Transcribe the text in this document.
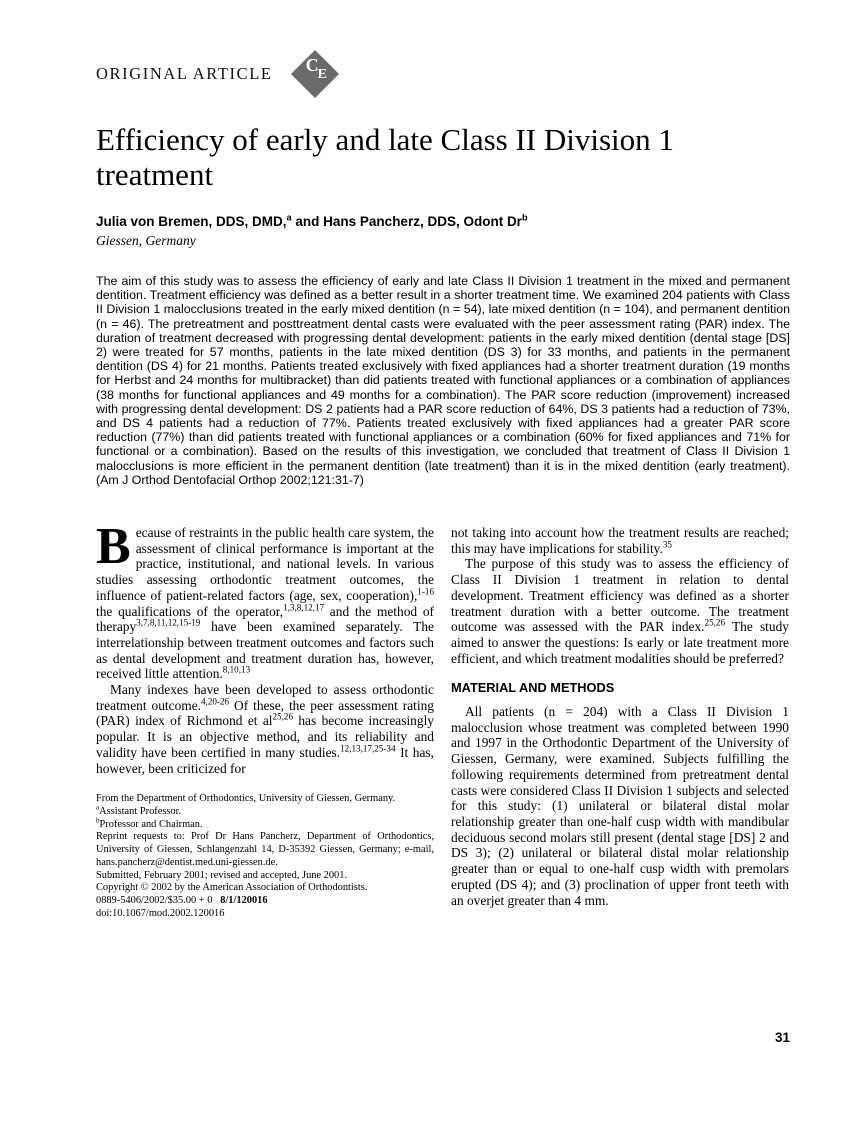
ORIGINAL ARTICLE C E
Efficiency of early and late Class II Division 1 treatment
Julia von Bremen, DDS, DMD,$^a$ and Hans Pancherz, DDS, Odont Dr$^b$
Giessen, Germany
The aim of this study was to assess the efficiency of early and late Class II Division 1 treatment in the mixed and permanent dentition. Treatment efficiency was defined as a better result in a shorter treatment time. We examined 204 patients with Class II Division 1 malocclusions treated in the early mixed dentition (n = 54), late mixed dentition (n = 104), and permanent dentition (n = 46). The pretreatment and posttreatment dental casts were evaluated with the peer assessment rating (PAR) index. The duration of treatment decreased with progressing dental development: patients in the early mixed dentition (dental stage [DS] 2) were treated for 57 months, patients in the late mixed dentition (DS 3) for 33 months, and patients in the permanent dentition (DS 4) for 21 months. Patients treated exclusively with fixed appliances had a shorter treatment duration (19 months for Herbst and 24 months for multibracket) than did patients treated with functional appliances or a combination of appliances (38 months for functional appliances and 49 months for a combination). The PAR score reduction (improvement) increased with progressing dental development: DS 2 patients had a PAR score reduction of 64%, DS 3 patients had a reduction of 73%, and DS 4 patients had a reduction of 77%. Patients treated exclusively with fixed appliances had a greater PAR score reduction (77%) than did patients treated with functional appliances or a combination (60% for fixed appliances and 71% for functional or a combination). Based on the results of this investigation, we concluded that treatment of Class II Division 1 malocclusions is more efficient in the permanent dentition (late treatment) than it is in the mixed dentition (early treatment). (Am J Orthod Dentofacial Orthop 2002;121:31-7)

Because of restraints in the public health care system, the assessment of clinical performance is important at the practice, institutional, and national levels. In various studies assessing orthodontic treatment outcomes, the influence of patient-related factors (age, sex, cooperation),$^{1-16}$ the qualifications of the operator,$^{1,3,8,12,17}$ and the method of therapy$^{3,7,8,11,12,15-19}$ have been examined separately. The interrelationship between treatment outcomes and factors such as dental development and treatment duration has, however, received little attention.$^{8,10,13}$

Many indexes have been developed to assess orthodontic treatment outcome.$^{4,20-26}$ Of these, the peer assessment rating (PAR) index of Richmond et al$^{25,26}$ has become increasingly popular. It is an objective method, and its reliability and validity have been certified in many studies.$^{12,13,17,25-34}$ It has, however, been criticized for

From the Department of Orthodontics, University of Giessen, Germany.

$^a$Assistant Professor.

$^b$Professor and Chairman.

Reprint requests to: Prof Dr Hans Pancherz, Department of Orthodontics, University of Giessen, Schlangenzahl 14, D-35392 Giessen, Germany; e-mail, hans.pancherz@dentist.med.uni-giessen.de.

Submitted, February 2001; revised and accepted, June 2001.

Copyright © 2002 by the American Association of Orthodontists.

0889-5406/2002/$35.00 + 0   8/1/120016

doi:10.1067/mod.2002.120016

not taking into account how the treatment results are reached; this may have implications for stability.$^{35}$

The purpose of this study was to assess the efficiency of Class II Division 1 treatment in relation to dental development. Treatment efficiency was defined as a shorter treatment duration with a better outcome. The treatment outcome was assessed with the PAR index.$^{25,26}$ The study aimed to answer the questions: Is early or late treatment more efficient, and which treatment modalities should be preferred?

MATERIAL AND METHODS

All patients (n = 204) with a Class II Division 1 malocclusion whose treatment was completed between 1990 and 1997 in the Orthodontic Department of the University of Giessen, Germany, were examined. Subjects fulfilling the following requirements determined from pretreatment dental casts were considered Class II Division 1 subjects and selected for this study: (1) unilateral or bilateral distal molar relationship greater than one-half cusp width with mandibular deciduous second molars still present (dental stage [DS] 2 and DS 3); (2) unilateral or bilateral distal molar relationship greater than or equal to one-half cusp width with premolars erupted (DS 4); and (3) proclination of upper front teeth with an overjet greater than 4 mm.

31
